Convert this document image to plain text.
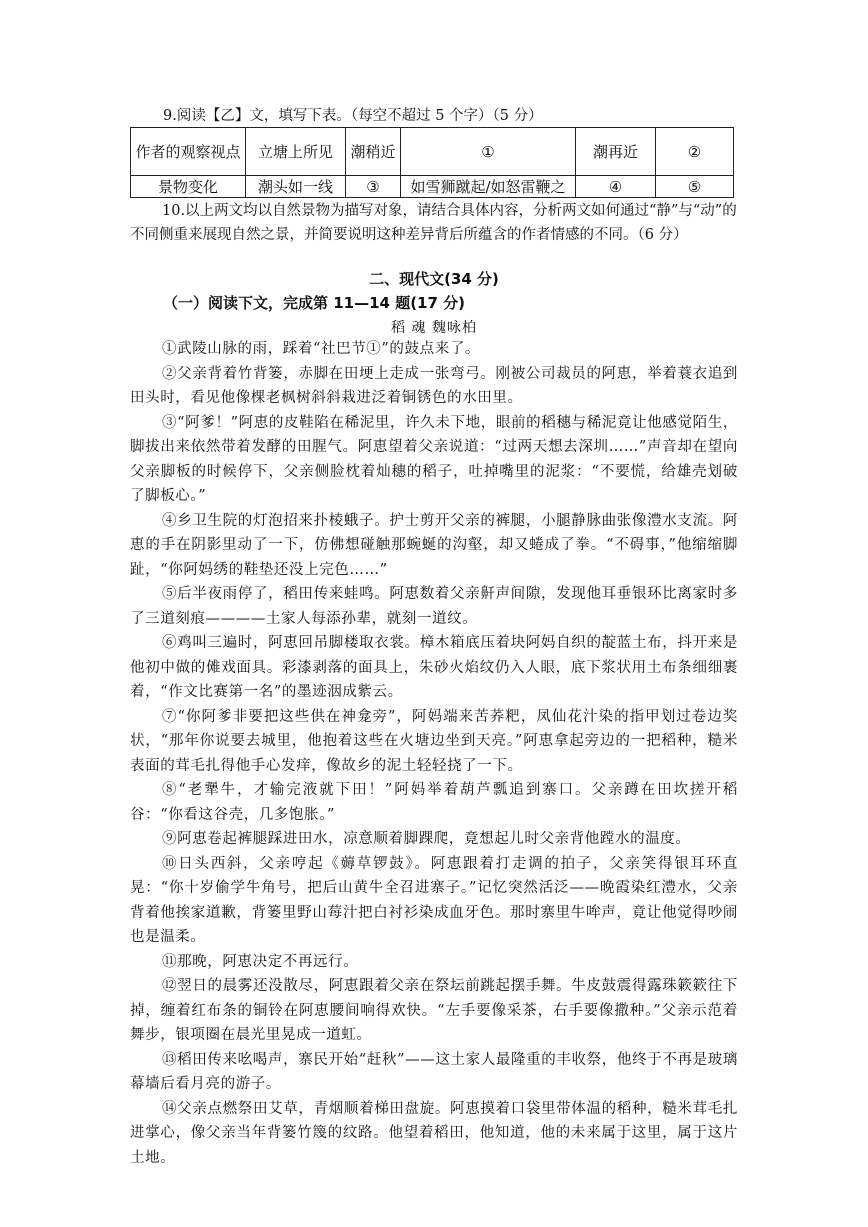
9.阅读【乙】文，填写下表。（每空不超过 5 个字）（5 分）
作者的观察视点	立塘上所见	潮稍近	①	潮再近	②
景物变化	潮头如一线	③	如雪狮蹴起/如怒雷鞭之	④	⑤
10.以上两文均以自然景物为描写对象，请结合具体内容，分析两文如何通过“静”与“动”的不同侧重来展现自然之景，并简要说明这种差异背后所蕴含的作者情感的不同。（6 分）
二、现代文(34 分)
（一）阅读下文，完成第 11—14 题(17 分)
稻 魂 魏咏柏

①武陵山脉的雨，踩着“社巴节①”的鼓点来了。

②父亲背着竹背篓，赤脚在田埂上走成一张弯弓。刚被公司裁员的阿恵，举着蓑衣追到田头时，看见他像棵老枫树斜斜栽进泛着铜锈色的水田里。

③“阿爹！”阿恵的皮鞋陷在稀泥里，许久未下地，眼前的稻穗与稀泥竟让他感觉陌生，脚拔出来依然带着发酵的田腥气。阿恵望着父亲说道：“过两天想去深圳……”声音却在望向父亲脚板的时候停下，父亲侧脸枕着灿穗的稻子，吐掉嘴里的泥浆：“不要慌，给雄壳划破了脚板心。”

④乡卫生院的灯泡招来扑棱蛾子。护士剪开父亲的裤腿，小腿静脉曲张像澧水支流。阿恵的手在阴影里动了一下，仿佛想碰触那蜿蜒的沟壑，却又蜷成了拳。“不碍事，”他缩缩脚趾，“你阿妈绣的鞋垫还没上完色……”

⑤后半夜雨停了，稻田传来蛙鸣。阿恵数着父亲鼾声间隙，发现他耳垂银环比离家时多了三道刻痕————土家人每添孙辈，就刻一道纹。

⑥鸡叫三遍时，阿恵回吊脚楼取衣裳。樟木箱底压着块阿妈自织的靛蓝土布，抖开来是他初中做的傩戏面具。彩漆剥落的面具上，朱砂火焰纹仍入人眼，底下浆状用土布条细细裹着，“作文比赛第一名”的墨迹洇成紫云。

⑦“你阿爹非要把这些供在神龛旁”，阿妈端来苦荞粑，凤仙花汁染的指甲划过卷边奖状，“那年你说要去城里，他抱着这些在火塘边坐到天亮。”阿恵拿起旁边的一把稻种，糙米表面的茸毛扎得他手心发痒，像故乡的泥土轻轻挠了一下。

⑧“老犟牛，才输完液就下田！”阿妈举着葫芦瓢追到寨口。父亲蹲在田坎搓开稻谷：“你看这谷壳，几多饱胀。”

⑨阿恵卷起裤腿踩进田水，凉意顺着脚踝爬，竟想起儿时父亲背他蹚水的温度。

⑩日头西斜，父亲哼起《薅草锣鼓》。阿恵跟着打走调的拍子，父亲笑得银耳环直晃：“你十岁偷学牛角号，把后山黄牛全召进寨子。”记忆突然活泛——晚霞染红澧水，父亲背着他挨家道歉，背篓里野山莓汁把白衬衫染成血牙色。那时寨里牛哞声，竟让他觉得吵闹也是温柔。

⑪那晚，阿恵决定不再远行。

⑫翌日的晨雾还没散尽，阿恵跟着父亲在祭坛前跳起摆手舞。牛皮鼓震得露珠簌簌往下掉，缠着红布条的铜铃在阿恵腰间响得欢快。“左手要像采茶，右手要像撒种。”父亲示范着舞步，银项圈在晨光里晃成一道虹。

⑬稻田传来吆喝声，寨民开始“赶秋”——这土家人最隆重的丰收祭，他终于不再是玻璃幕墙后看月亮的游子。

⑭父亲点燃祭田艾草，青烟顺着梯田盘旋。阿恵摸着口袋里带体温的稻种，糙米茸毛扎进掌心，像父亲当年背篓竹篾的纹路。他望着稻田，他知道，他的未来属于这里，属于这片土地。
